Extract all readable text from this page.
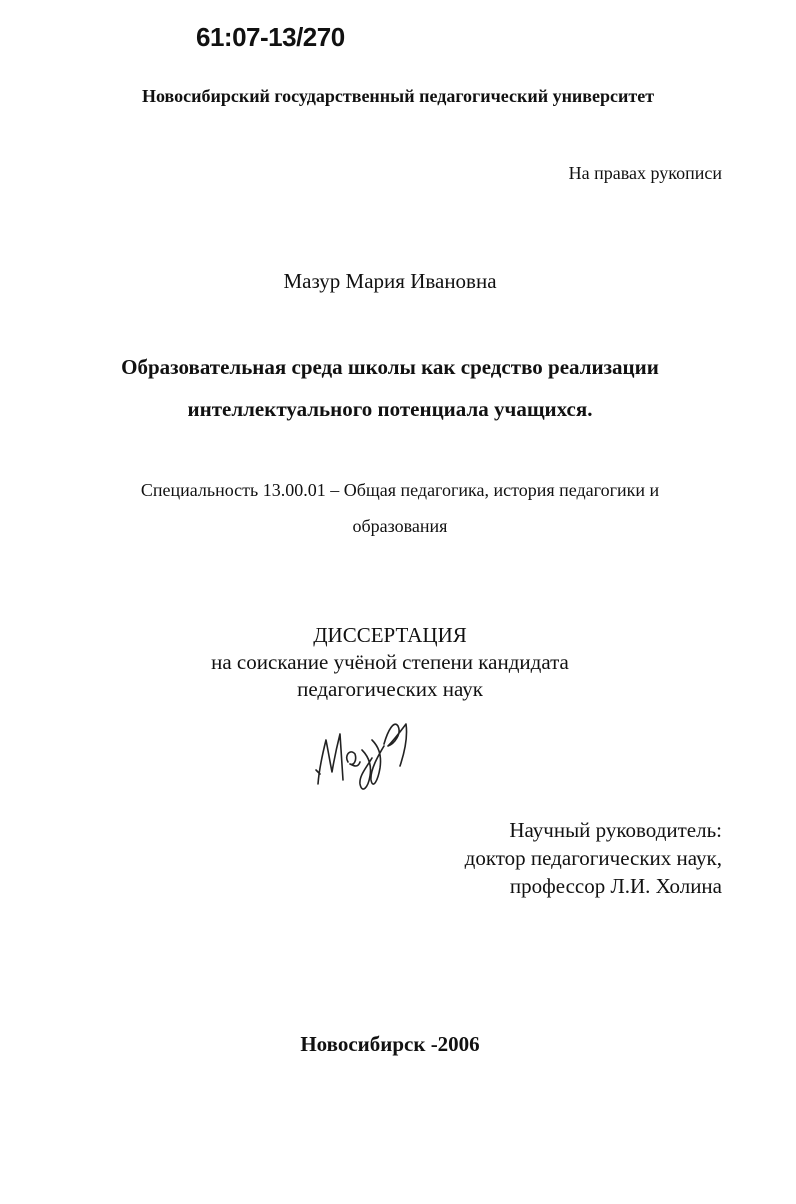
61:07-13/270
Новосибирский государственный педагогический университет
На правах рукописи
Мазур Мария Ивановна
Образовательная среда школы как средство реализации
интеллектуального потенциала учащихся.
Специальность 13.00.01 – Общая педагогика, история педагогики и
образования
ДИССЕРТАЦИЯ
на соискание учёной степени кандидата
педагогических наук
Научный руководитель:
доктор педагогических наук,
профессор Л.И. Холина
Новосибирск -2006
